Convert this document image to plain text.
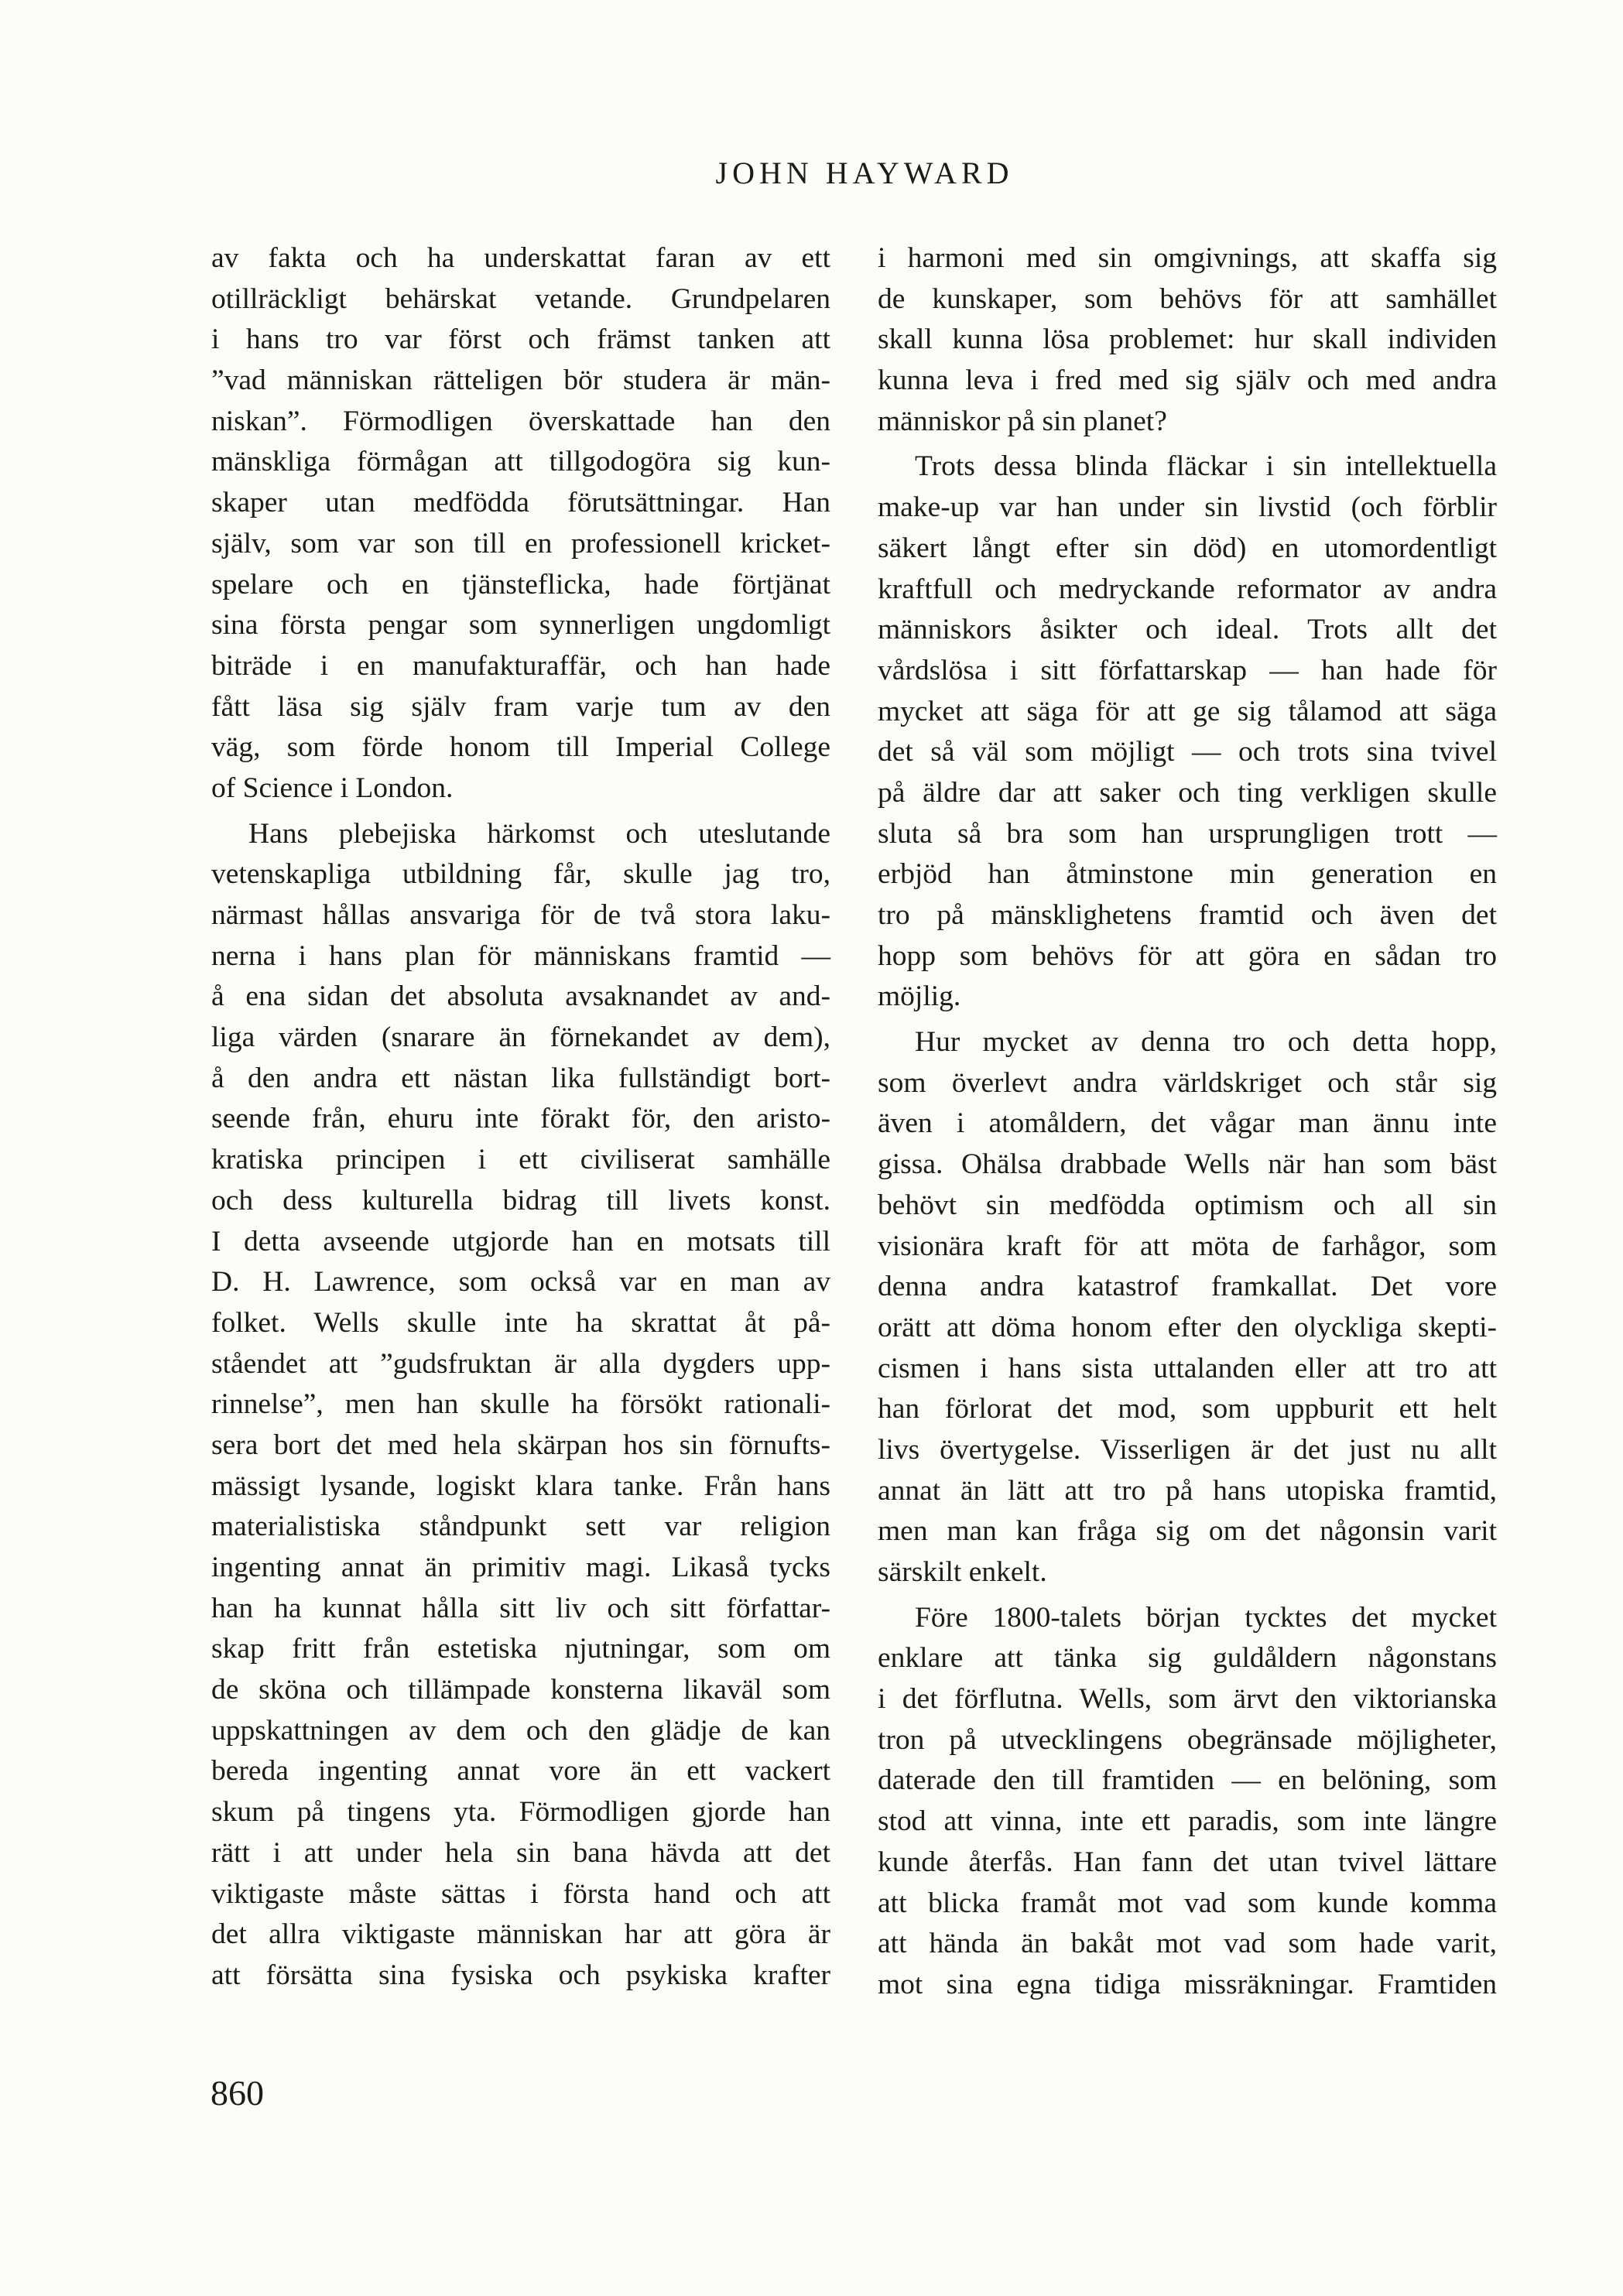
JOHN HAYWARD
av fakta och ha underskattat faran av ett
otillräckligt behärskat vetande. Grundpelaren
i hans tro var först och främst tanken att
”vad människan rätteligen bör studera är män-
niskan”. Förmodligen överskattade han den
mänskliga förmågan att tillgodogöra sig kun-
skaper utan medfödda förutsättningar. Han
själv, som var son till en professionell kricket-
spelare och en tjänsteflicka, hade förtjänat
sina första pengar som synnerligen ungdomligt
biträde i en manufakturaffär, och han hade
fått läsa sig själv fram varje tum av den
väg, som förde honom till Imperial College
of Science i London.
Hans plebejiska härkomst och uteslutande
vetenskapliga utbildning får, skulle jag tro,
närmast hållas ansvariga för de två stora laku-
nerna i hans plan för människans framtid —
å ena sidan det absoluta avsaknandet av and-
liga värden (snarare än förnekandet av dem),
å den andra ett nästan lika fullständigt bort-
seende från, ehuru inte förakt för, den aristo-
kratiska principen i ett civiliserat samhälle
och dess kulturella bidrag till livets konst.
I detta avseende utgjorde han en motsats till
D. H. Lawrence, som också var en man av
folket. Wells skulle inte ha skrattat åt på-
ståendet att ”gudsfruktan är alla dygders upp-
rinnelse”, men han skulle ha försökt rationali-
sera bort det med hela skärpan hos sin förnufts-
mässigt lysande, logiskt klara tanke. Från hans
materialistiska ståndpunkt sett var religion
ingenting annat än primitiv magi. Likaså tycks
han ha kunnat hålla sitt liv och sitt författar-
skap fritt från estetiska njutningar, som om
de sköna och tillämpade konsterna likaväl som
uppskattningen av dem och den glädje de kan
bereda ingenting annat vore än ett vackert
skum på tingens yta. Förmodligen gjorde han
rätt i att under hela sin bana hävda att det
viktigaste måste sättas i första hand och att
det allra viktigaste människan har att göra är
att försätta sina fysiska och psykiska krafter
i harmoni med sin omgivnings, att skaffa sig
de kunskaper, som behövs för att samhället
skall kunna lösa problemet: hur skall individen
kunna leva i fred med sig själv och med andra
människor på sin planet?
Trots dessa blinda fläckar i sin intellektuella
make-up var han under sin livstid (och förblir
säkert långt efter sin död) en utomordentligt
kraftfull och medryckande reformator av andra
människors åsikter och ideal. Trots allt det
vårdslösa i sitt författarskap — han hade för
mycket att säga för att ge sig tålamod att säga
det så väl som möjligt — och trots sina tvivel
på äldre dar att saker och ting verkligen skulle
sluta så bra som han ursprungligen trott —
erbjöd han åtminstone min generation en
tro på mänsklighetens framtid och även det
hopp som behövs för att göra en sådan tro
möjlig.
Hur mycket av denna tro och detta hopp,
som överlevt andra världskriget och står sig
även i atomåldern, det vågar man ännu inte
gissa. Ohälsa drabbade Wells när han som bäst
behövt sin medfödda optimism och all sin
visionära kraft för att möta de farhågor, som
denna andra katastrof framkallat. Det vore
orätt att döma honom efter den olyckliga skepti-
cismen i hans sista uttalanden eller att tro att
han förlorat det mod, som uppburit ett helt
livs övertygelse. Visserligen är det just nu allt
annat än lätt att tro på hans utopiska framtid,
men man kan fråga sig om det någonsin varit
särskilt enkelt.
Före 1800-talets början tycktes det mycket
enklare att tänka sig guldåldern någonstans
i det förflutna. Wells, som ärvt den viktorianska
tron på utvecklingens obegränsade möjligheter,
daterade den till framtiden — en belöning, som
stod att vinna, inte ett paradis, som inte längre
kunde återfås. Han fann det utan tvivel lättare
att blicka framåt mot vad som kunde komma
att hända än bakåt mot vad som hade varit,
mot sina egna tidiga missräkningar. Framtiden
860
